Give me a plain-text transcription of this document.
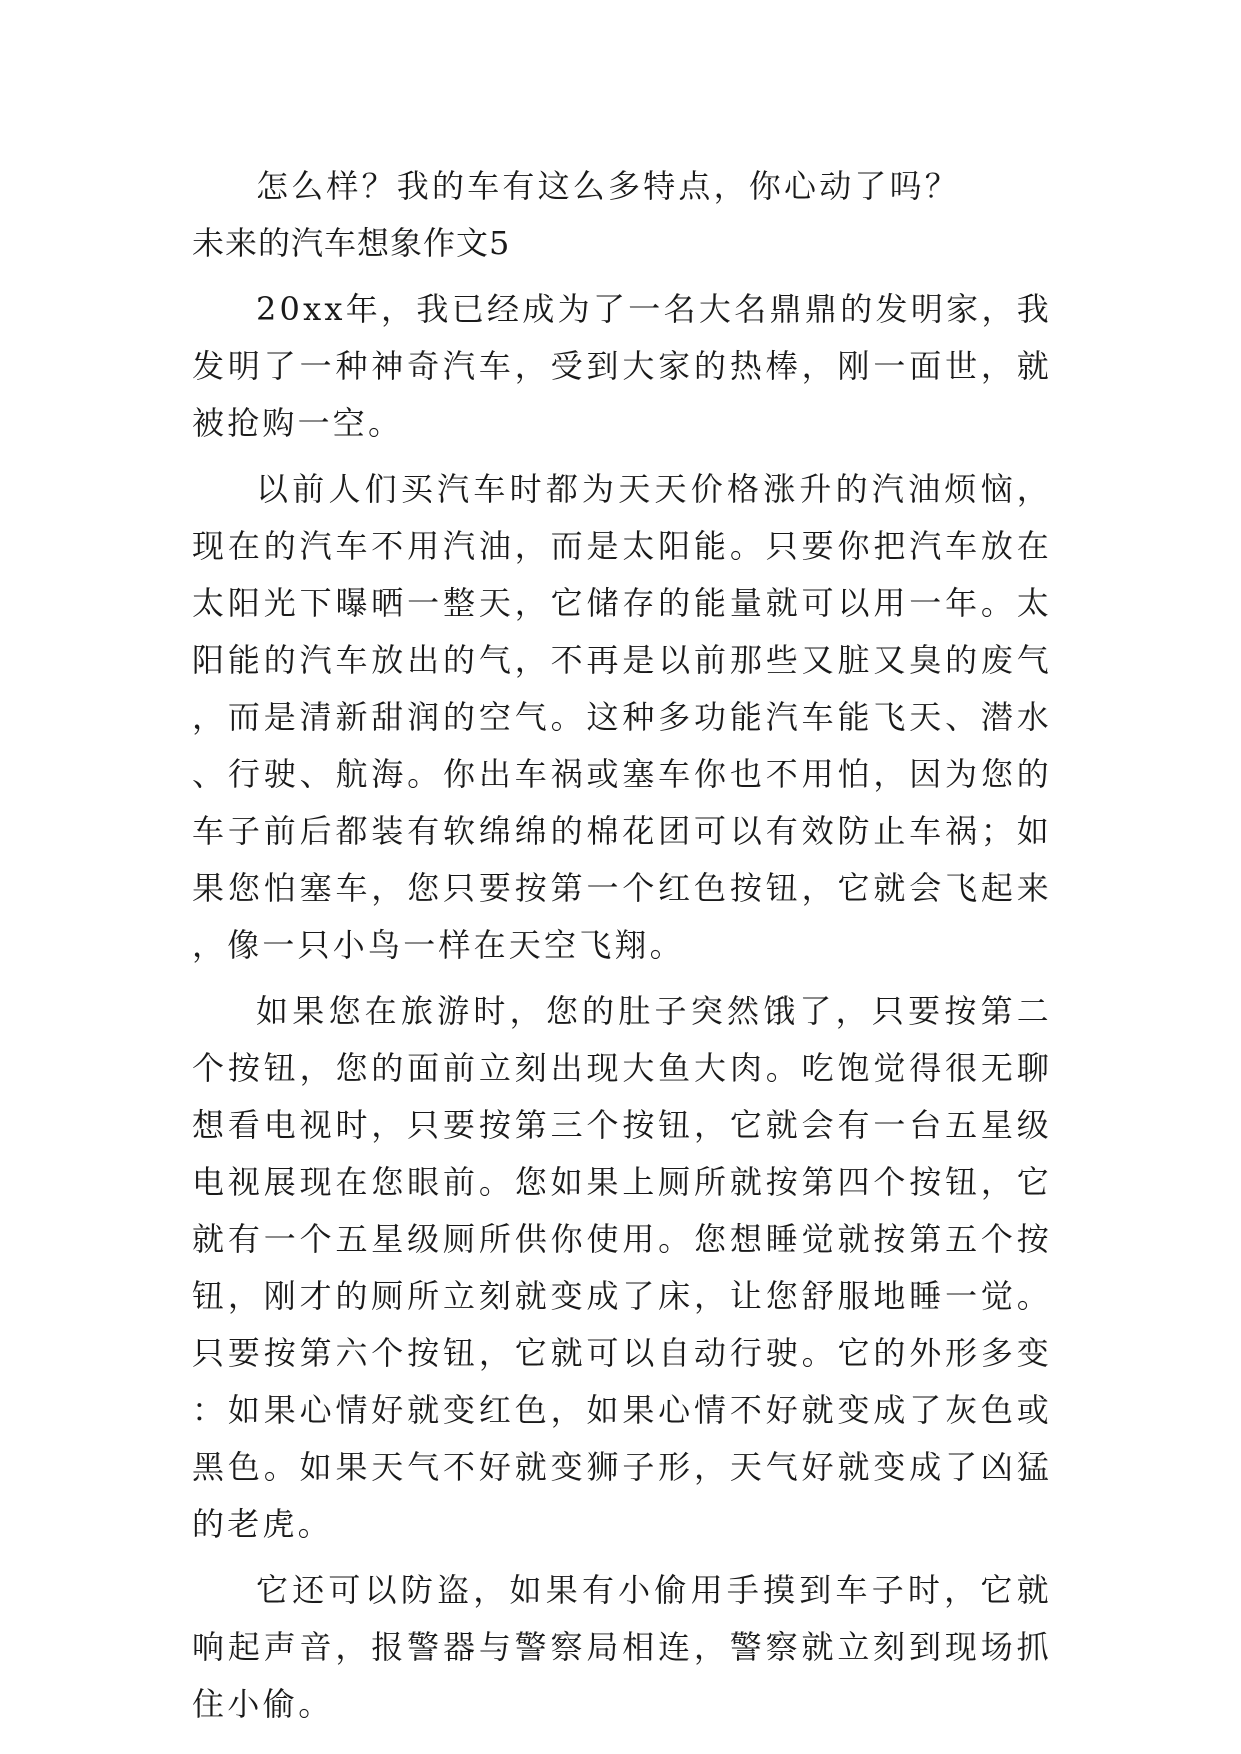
怎么样？我的车有这么多特点，你心动了吗？

未来的汽车想象作文5

20xx年，我已经成为了一名大名鼎鼎的发明家，我发明了一种神奇汽车，受到大家的热棒，刚一面世，就被抢购一空。

以前人们买汽车时都为天天价格涨升的汽油烦恼，现在的汽车不用汽油，而是太阳能。只要你把汽车放在太阳光下曝晒一整天，它储存的能量就可以用一年。太阳能的汽车放出的气，不再是以前那些又脏又臭的废气，而是清新甜润的空气。这种多功能汽车能飞天、潜水、行驶、航海。你出车祸或塞车你也不用怕，因为您的车子前后都装有软绵绵的棉花团可以有效防止车祸；如果您怕塞车，您只要按第一个红色按钮，它就会飞起来，像一只小鸟一样在天空飞翔。

如果您在旅游时，您的肚子突然饿了，只要按第二个按钮，您的面前立刻出现大鱼大肉。吃饱觉得很无聊想看电视时，只要按第三个按钮，它就会有一台五星级电视展现在您眼前。您如果上厕所就按第四个按钮，它就有一个五星级厕所供你使用。您想睡觉就按第五个按钮，刚才的厕所立刻就变成了床，让您舒服地睡一觉。只要按第六个按钮，它就可以自动行驶。它的外形多变：如果心情好就变红色，如果心情不好就变成了灰色或黑色。如果天气不好就变狮子形，天气好就变成了凶猛的老虎。

它还可以防盗，如果有小偷用手摸到车子时，它就响起声音，报警器与警察局相连，警察就立刻到现场抓住小偷。
